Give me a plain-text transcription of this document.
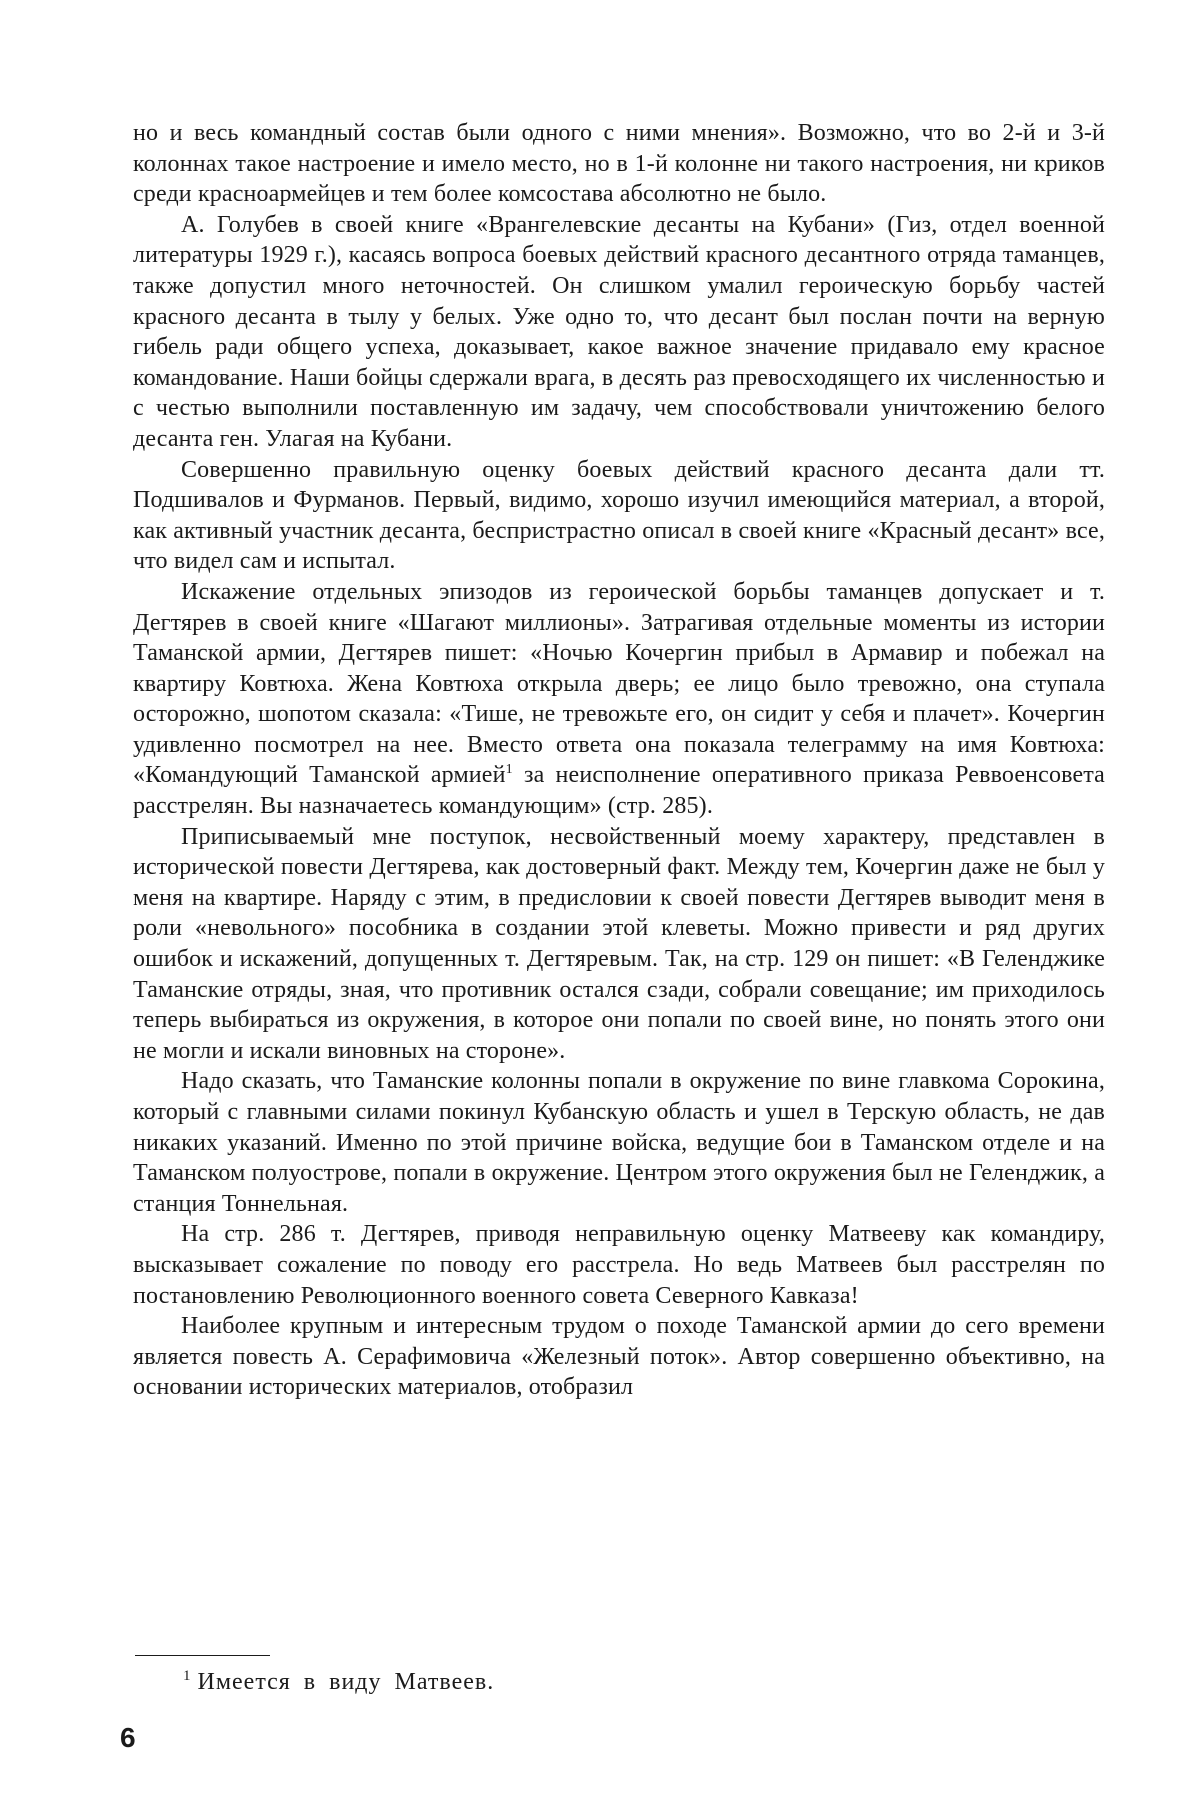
но и весь командный состав были одного с ними мнения». Возможно, что во 2-й и 3-й колоннах такое настроение и имело место, но в 1-й колонне ни такого настроения, ни криков среди красноармейцев и тем более комсостава абсолютно не было.

А. Голубев в своей книге «Врангелевские десанты на Кубани» (Гиз, отдел военной литературы 1929 г.), касаясь вопроса боевых действий красного десантного отряда таманцев, также допустил много неточностей. Он слишком умалил героическую борьбу частей красного десанта в тылу у белых. Уже одно то, что десант был послан почти на верную гибель ради общего успеха, доказывает, какое важное значение придавало ему красное командование. Наши бойцы сдержали врага, в десять раз превосходящего их численностью и с честью выполнили поставленную им задачу, чем способствовали уничтожению белого десанта ген. Улагая на Кубани.

Совершенно правильную оценку боевых действий красного десанта дали тт. Подшивалов и Фурманов. Первый, видимо, хорошо изучил имеющийся материал, а второй, как активный участник десанта, беспристрастно описал в своей книге «Красный десант» все, что видел сам и испытал.

Искажение отдельных эпизодов из героической борьбы таманцев допускает и т. Дегтярев в своей книге «Шагают миллионы». Затрагивая отдельные моменты из истории Таманской армии, Дегтярев пишет: «Ночью Кочергин прибыл в Армавир и побежал на квартиру Ковтюха. Жена Ковтюха открыла дверь; ее лицо было тревожно, она ступала осторожно, шопотом сказала: «Тише, не тревожьте его, он сидит у себя и плачет». Кочергин удивленно посмотрел на нее. Вместо ответа она показала телеграмму на имя Ковтюха: «Командующий Таманской армией$^1$ за неисполнение оперативного приказа Реввоенсовета расстрелян. Вы назначаетесь командующим» (стр. 285).

Приписываемый мне поступок, несвойственный моему характеру, представлен в исторической повести Дегтярева, как достоверный факт. Между тем, Кочергин даже не был у меня на квартире. Наряду с этим, в предисловии к своей повести Дегтярев выводит меня в роли «невольного» пособника в создании этой клеветы. Можно привести и ряд других ошибок и искажений, допущенных т. Дегтяревым. Так, на стр. 129 он пишет: «В Геленджике Таманские отряды, зная, что противник остался сзади, собрали совещание; им приходилось теперь выбираться из окружения, в которое они попали по своей вине, но понять этого они не могли и искали виновных на стороне».

Надо сказать, что Таманские колонны попали в окружение по вине главкома Сорокина, который с главными силами покинул Кубанскую область и ушел в Терскую область, не дав никаких указаний. Именно по этой причине войска, ведущие бои в Таманском отделе и на Таманском полуострове, попали в окружение. Центром этого окружения был не Геленджик, а станция Тоннельная.

На стр. 286 т. Дегтярев, приводя неправильную оценку Матвееву как командиру, высказывает сожаление по поводу его расстрела. Но ведь Матвеев был расстрелян по постановлению Революционного военного совета Северного Кавказа!

Наиболее крупным и интересным трудом о походе Таманской армии до сего времени является повесть А. Серафимовича «Железный поток». Автор совершенно объективно, на основании исторических материалов, отобразил

$^1$ Имеется в виду Матвеев.
6
